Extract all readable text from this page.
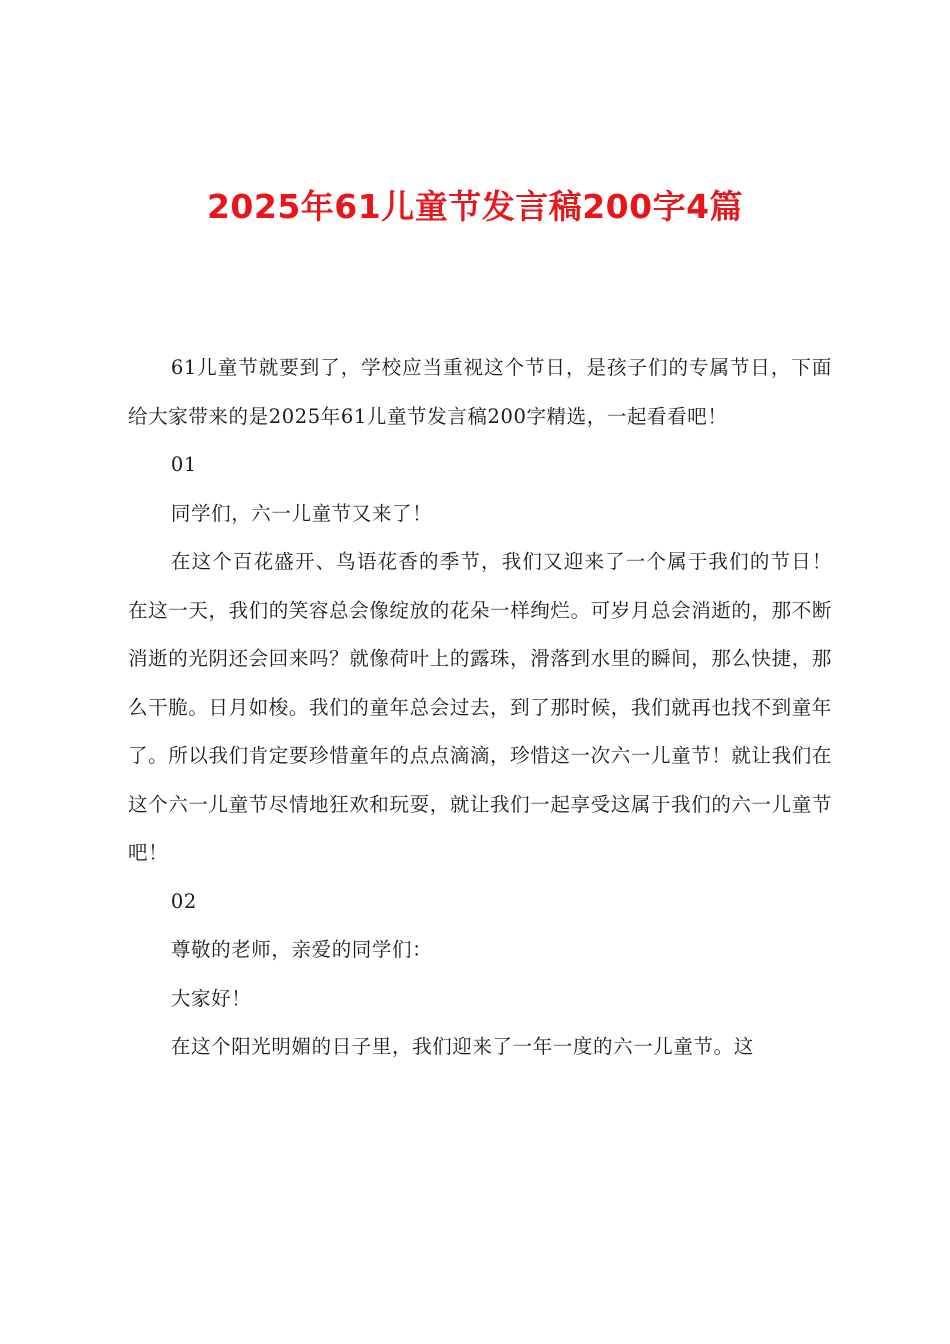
2025年61儿童节发言稿200字4篇

61儿童节就要到了，学校应当重视这个节日，是孩子们的专属节日，下面给大家带来的是2025年61儿童节发言稿200字精选，一起看看吧！

01

同学们，六一儿童节又来了！

在这个百花盛开、鸟语花香的季节，我们又迎来了一个属于我们的节日！在这一天，我们的笑容总会像绽放的花朵一样绚烂。可岁月总会消逝的，那不断消逝的光阴还会回来吗？就像荷叶上的露珠，滑落到水里的瞬间，那么快捷，那么干脆。日月如梭。我们的童年总会过去，到了那时候，我们就再也找不到童年了。所以我们肯定要珍惜童年的点点滴滴，珍惜这一次六一儿童节！就让我们在这个六一儿童节尽情地狂欢和玩耍，就让我们一起享受这属于我们的六一儿童节吧！

02

尊敬的老师，亲爱的同学们：

大家好！

在这个阳光明媚的日子里，我们迎来了一年一度的六一儿童节。这
